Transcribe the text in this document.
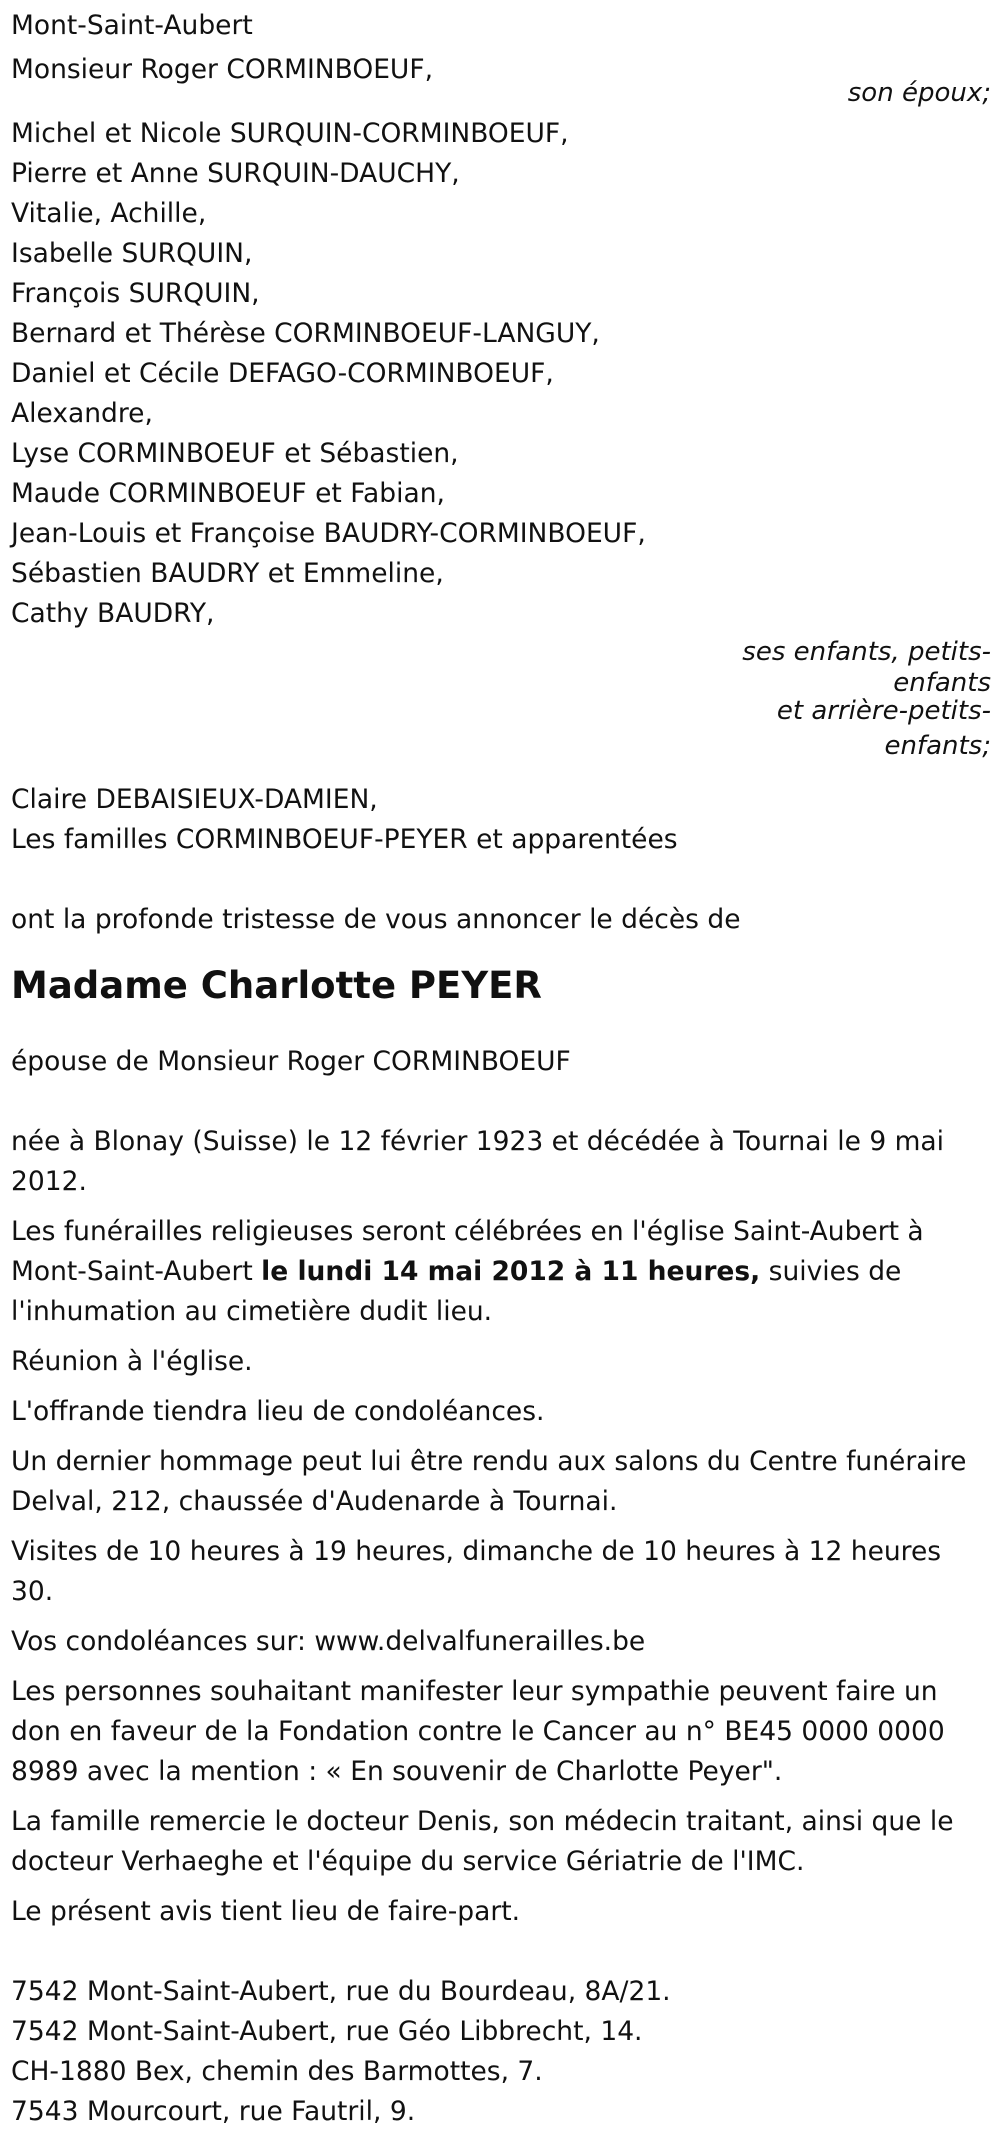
Mont-Saint-Aubert
Monsieur Roger CORMINBOEUF,
son époux;
Michel et Nicole SURQUIN-CORMINBOEUF,
Pierre et Anne SURQUIN-DAUCHY,
Vitalie, Achille,
Isabelle SURQUIN,
François SURQUIN,
Bernard et Thérèse CORMINBOEUF-LANGUY,
Daniel et Cécile DEFAGO-CORMINBOEUF,
Alexandre,
Lyse CORMINBOEUF et Sébastien,
Maude CORMINBOEUF et Fabian,
Jean-Louis et Françoise BAUDRY-CORMINBOEUF,
Sébastien BAUDRY et Emmeline,
Cathy BAUDRY,
ses enfants, petits-
enfants
et arrière-petits-
enfants;
Claire DEBAISIEUX-DAMIEN,
Les familles CORMINBOEUF-PEYER et apparentées
ont la profonde tristesse de vous annoncer le décès de
Madame Charlotte PEYER
épouse de Monsieur Roger CORMINBOEUF
née à Blonay (Suisse) le 12 février 1923 et décédée à Tournai le 9 mai 2012.
Les funérailles religieuses seront célébrées en l'église Saint-Aubert à Mont-Saint-Aubert le lundi 14 mai 2012 à 11 heures, suivies de l'inhumation au cimetière dudit lieu.
Réunion à l'église.
L'offrande tiendra lieu de condoléances.
Un dernier hommage peut lui être rendu aux salons du Centre funéraire Delval, 212, chaussée d'Audenarde à Tournai.
Visites de 10 heures à 19 heures, dimanche de 10 heures à 12 heures 30.
Vos condoléances sur: www.delvalfunerailles.be
Les personnes souhaitant manifester leur sympathie peuvent faire un don en faveur de la Fondation contre le Cancer au n° BE45 0000 0000 8989 avec la mention : « En souvenir de Charlotte Peyer".
La famille remercie le docteur Denis, son médecin traitant, ainsi que le docteur Verhaeghe et l'équipe du service Gériatrie de l'IMC.
Le présent avis tient lieu de faire-part.
7542 Mont-Saint-Aubert, rue du Bourdeau, 8A/21.
7542 Mont-Saint-Aubert, rue Géo Libbrecht, 14.
CH-1880 Bex, chemin des Barmottes, 7.
7543 Mourcourt, rue Fautril, 9.
